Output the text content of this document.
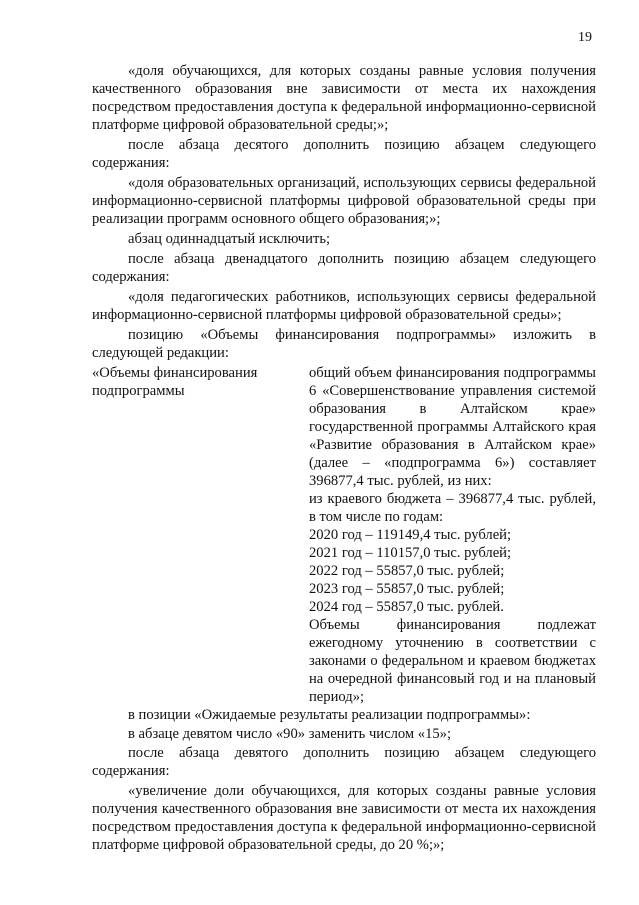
19

«доля обучающихся, для которых созданы равные условия получения качественного образования вне зависимости от места их нахождения посредством предоставления доступа к федеральной информационно-сервисной платформе цифровой образовательной среды;»;

после абзаца десятого дополнить позицию абзацем следующего содержания:

«доля образовательных организаций, использующих сервисы федеральной информационно-сервисной платформы цифровой образовательной среды при реализации программ основного общего образования;»;

абзац одиннадцатый исключить;

после абзаца двенадцатого дополнить позицию абзацем следующего содержания:

«доля педагогических работников, использующих сервисы федеральной информационно-сервисной платформы цифровой образовательной среды»;

позицию «Объемы финансирования подпрограммы» изложить в следующей редакции:

«Объемы финансирования подпрограммы

общий объем финансирования подпрограммы 6 «Совершенствование управления системой образования в Алтайском крае» государственной программы Алтайского края «Развитие образования в Алтайском крае» (далее – «подпрограмма 6») составляет 396877,4 тыс. рублей, из них:

из краевого бюджета – 396877,4 тыс. рублей, в том числе по годам:

2020 год – 119149,4 тыс. рублей;

2021 год – 110157,0 тыс. рублей;

2022 год – 55857,0 тыс. рублей;

2023 год – 55857,0 тыс. рублей;

2024 год – 55857,0 тыс. рублей.

Объемы финансирования подлежат ежегодному уточнению в соответствии с законами о федеральном и краевом бюджетах на очередной финансовый год и на плановый период»;

в позиции «Ожидаемые результаты реализации подпрограммы»:

в абзаце девятом число «90» заменить числом «15»;

после абзаца девятого дополнить позицию абзацем следующего содержания:

«увеличение доли обучающихся, для которых созданы равные условия получения качественного образования вне зависимости от места их нахождения посредством предоставления доступа к федеральной информационно-сервисной платформе цифровой образовательной среды, до 20 %;»;
